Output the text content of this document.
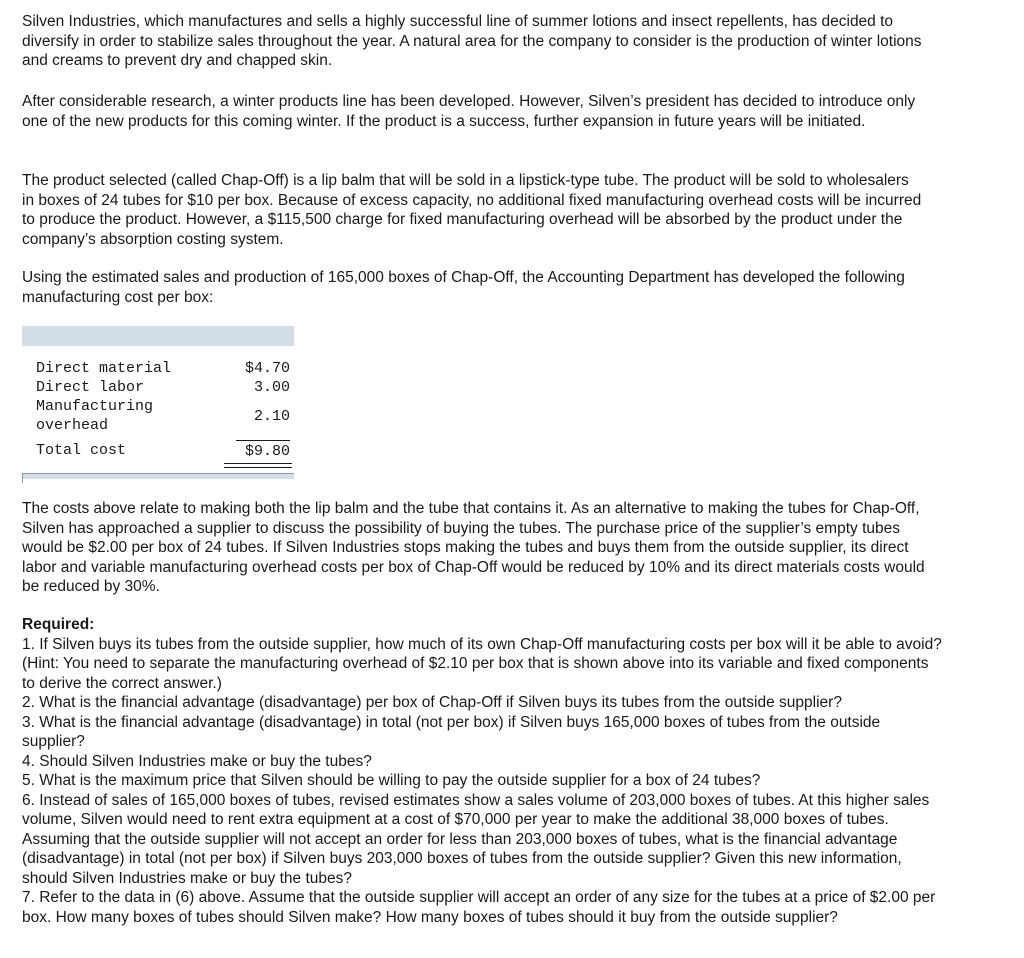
Silven Industries, which manufactures and sells a highly successful line of summer lotions and insect repellents, has decided to diversify in order to stabilize sales throughout the year. A natural area for the company to consider is the production of winter lotions and creams to prevent dry and chapped skin.

After considerable research, a winter products line has been developed. However, Silven’s president has decided to introduce only one of the new products for this coming winter. If the product is a success, further expansion in future years will be initiated.

The product selected (called Chap-Off) is a lip balm that will be sold in a lipstick-type tube. The product will be sold to wholesalers in boxes of 24 tubes for $10 per box. Because of excess capacity, no additional fixed manufacturing overhead costs will be incurred to produce the product. However, a $115,500 charge for fixed manufacturing overhead will be absorbed by the product under the company’s absorption costing system.

Using the estimated sales and production of 165,000 boxes of Chap-Off, the Accounting Department has developed the following manufacturing cost per box:

Direct material	$4.70
Direct labor	3.00
Manufacturing overhead
2.10
Total cost	$9.80

The costs above relate to making both the lip balm and the tube that contains it. As an alternative to making the tubes for Chap-Off, Silven has approached a supplier to discuss the possibility of buying the tubes. The purchase price of the supplier’s empty tubes would be $2.00 per box of 24 tubes. If Silven Industries stops making the tubes and buys them from the outside supplier, its direct labor and variable manufacturing overhead costs per box of Chap-Off would be reduced by 10% and its direct materials costs would be reduced by 30%.

Required:

1. If Silven buys its tubes from the outside supplier, how much of its own Chap-Off manufacturing costs per box will it be able to avoid? (Hint: You need to separate the manufacturing overhead of $2.10 per box that is shown above into its variable and fixed components to derive the correct answer.)
2. What is the financial advantage (disadvantage) per box of Chap-Off if Silven buys its tubes from the outside supplier?
3. What is the financial advantage (disadvantage) in total (not per box) if Silven buys 165,000 boxes of tubes from the outside supplier?
4. Should Silven Industries make or buy the tubes?
5. What is the maximum price that Silven should be willing to pay the outside supplier for a box of 24 tubes?
6. Instead of sales of 165,000 boxes of tubes, revised estimates show a sales volume of 203,000 boxes of tubes. At this higher sales volume, Silven would need to rent extra equipment at a cost of $70,000 per year to make the additional 38,000 boxes of tubes. Assuming that the outside supplier will not accept an order for less than 203,000 boxes of tubes, what is the financial advantage (disadvantage) in total (not per box) if Silven buys 203,000 boxes of tubes from the outside supplier? Given this new information, should Silven Industries make or buy the tubes?
7. Refer to the data in (6) above. Assume that the outside supplier will accept an order of any size for the tubes at a price of $2.00 per box. How many boxes of tubes should Silven make? How many boxes of tubes should it buy from the outside supplier?
